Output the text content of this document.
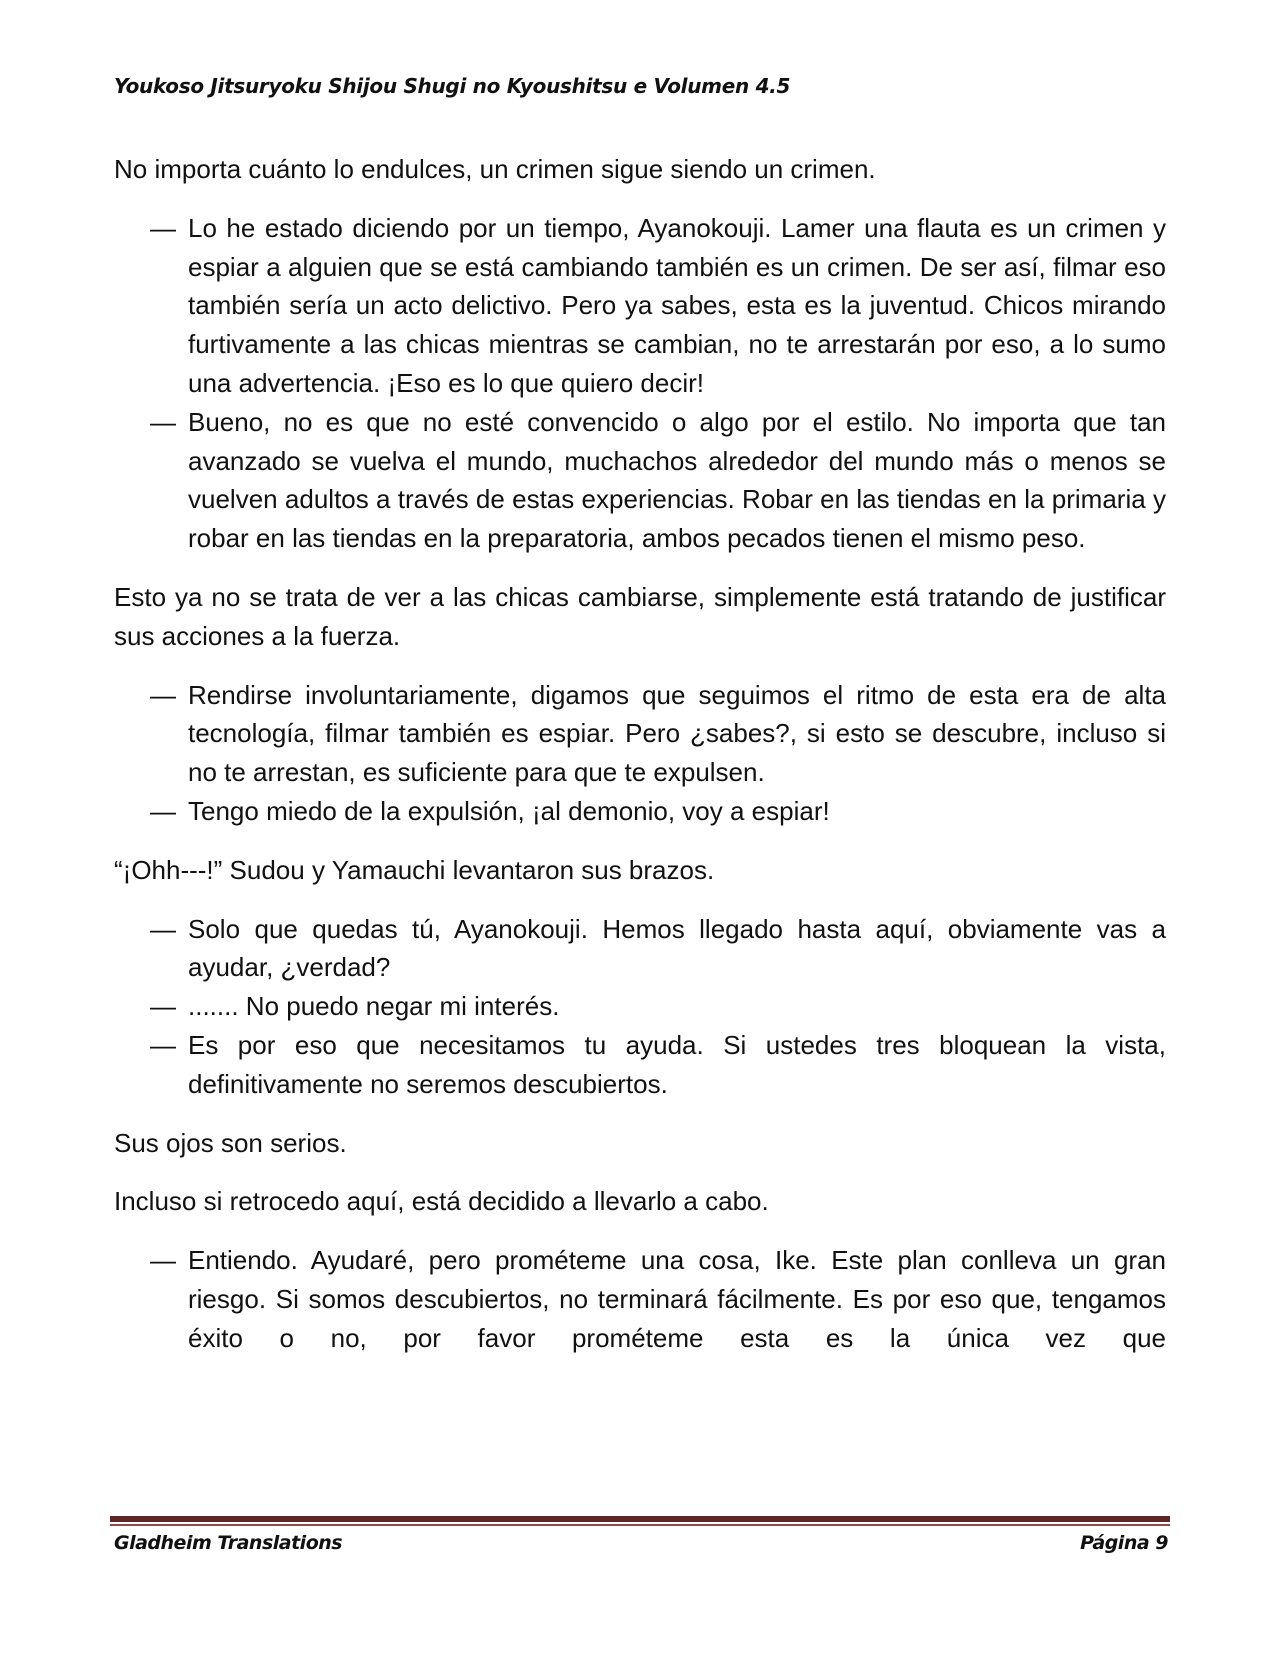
Youkoso Jitsuryoku Shijou Shugi no Kyoushitsu e Volumen 4.5

No importa cuánto lo endulces, un crimen sigue siendo un crimen.

— Lo he estado diciendo por un tiempo, Ayanokouji. Lamer una flauta es un crimen y espiar a alguien que se está cambiando también es un crimen. De ser así, filmar eso también sería un acto delictivo. Pero ya sabes, esta es la juventud. Chicos mirando furtivamente a las chicas mientras se cambian, no te arrestarán por eso, a lo sumo una advertencia. ¡Eso es lo que quiero decir!

— Bueno, no es que no esté convencido o algo por el estilo. No importa que tan avanzado se vuelva el mundo, muchachos alrededor del mundo más o menos se vuelven adultos a través de estas experiencias. Robar en las tiendas en la primaria y robar en las tiendas en la preparatoria, ambos pecados tienen el mismo peso.

Esto ya no se trata de ver a las chicas cambiarse, simplemente está tratando de justificar sus acciones a la fuerza.

— Rendirse involuntariamente, digamos que seguimos el ritmo de esta era de alta tecnología, filmar también es espiar. Pero ¿sabes?, si esto se descubre, incluso si no te arrestan, es suficiente para que te expulsen.

— Tengo miedo de la expulsión, ¡al demonio, voy a espiar!

“¡Ohh---!” Sudou y Yamauchi levantaron sus brazos.

— Solo que quedas tú, Ayanokouji. Hemos llegado hasta aquí, obviamente vas a ayudar, ¿verdad?

— ....... No puedo negar mi interés.

— Es por eso que necesitamos tu ayuda. Si ustedes tres bloquean la vista, definitivamente no seremos descubiertos.

Sus ojos son serios.

Incluso si retrocedo aquí, está decidido a llevarlo a cabo.

— Entiendo. Ayudaré, pero prométeme una cosa, Ike. Este plan conlleva un gran riesgo. Si somos descubiertos, no terminará fácilmente. Es por eso que, tengamos éxito o no, por favor prométeme esta es la única vez que

Gladheim Translations	Página 9
